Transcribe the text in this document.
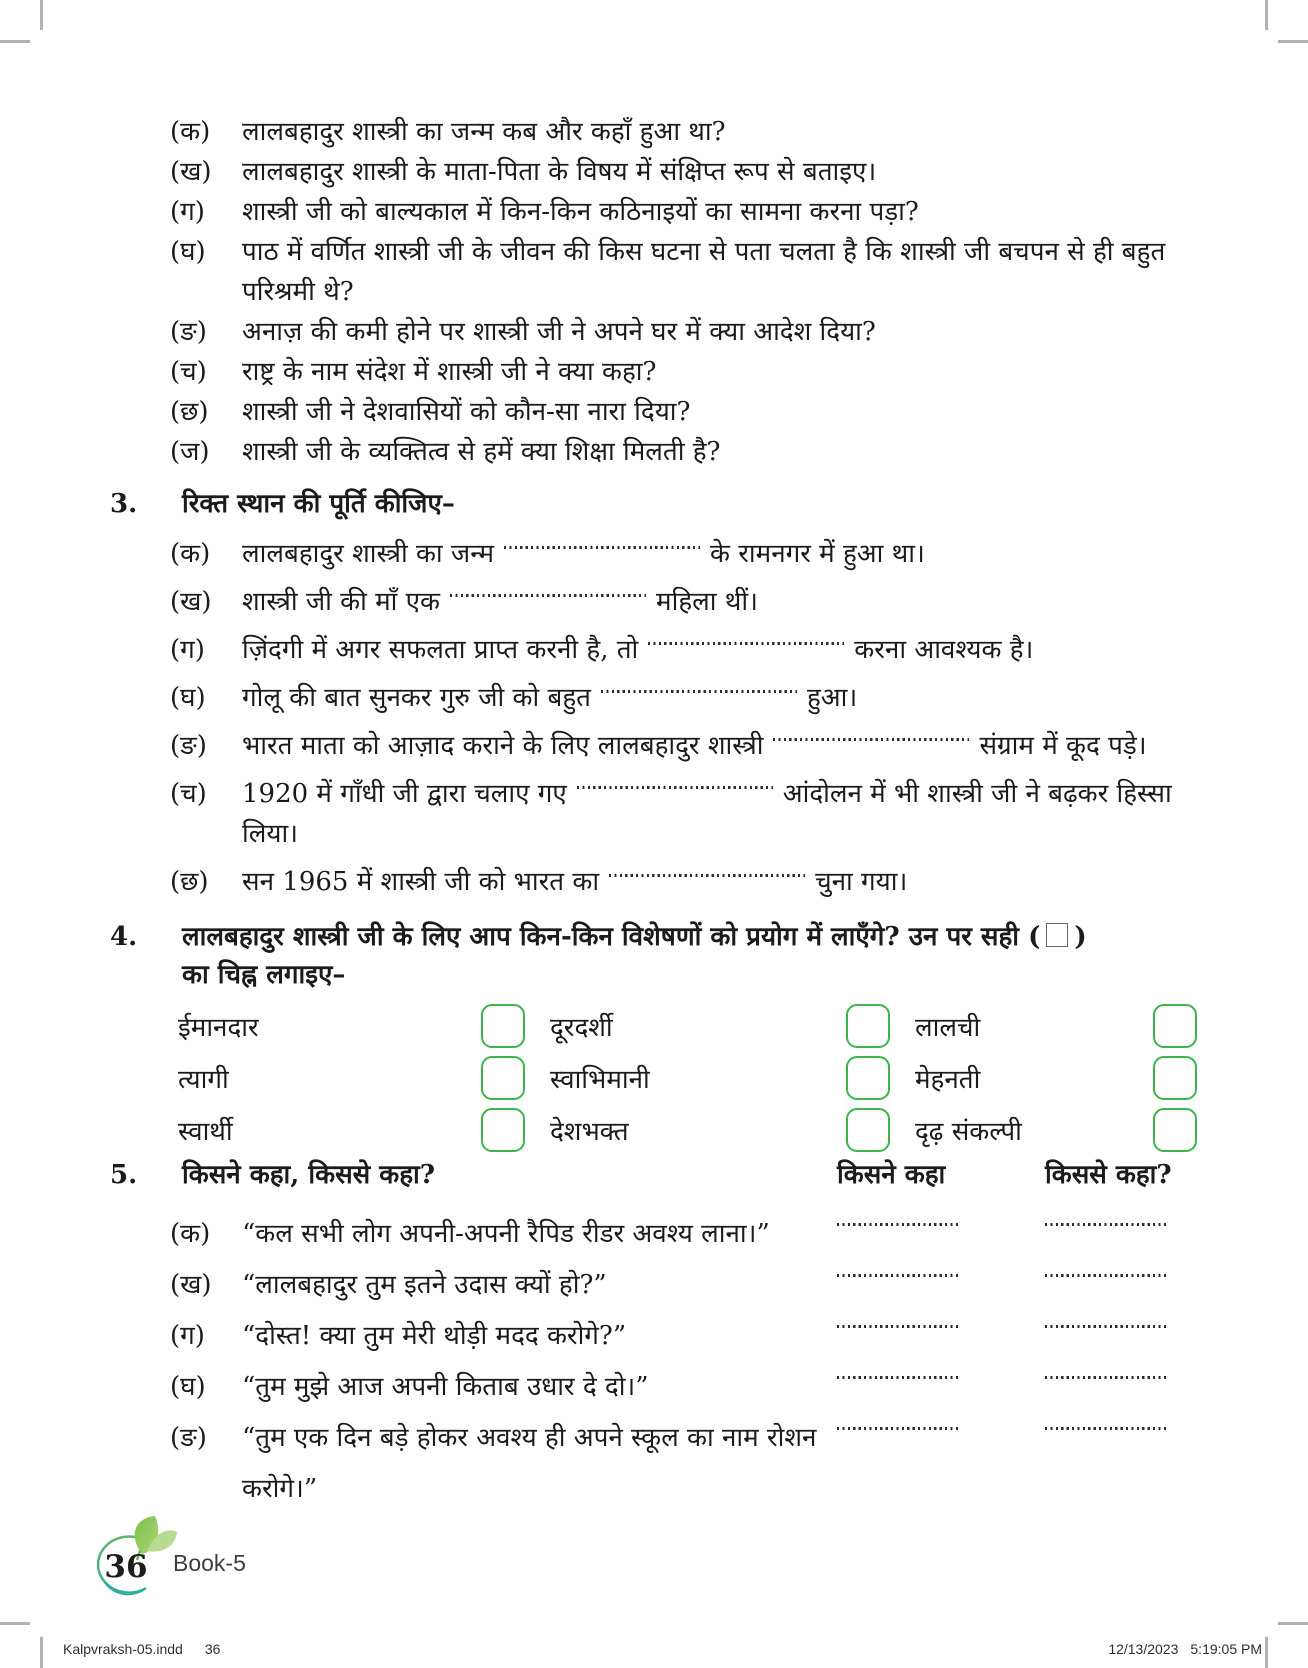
(क)	लालबहादुर शास्त्री का जन्म कब और कहाँ हुआ था?
(ख)	लालबहादुर शास्त्री के माता-पिता के विषय में संक्षिप्त रूप से बताइए।
(ग)	शास्त्री जी को बाल्यकाल में किन-किन कठिनाइयों का सामना करना पड़ा?
(घ)	पाठ में वर्णित शास्त्री जी के जीवन की किस घटना से पता चलता है कि शास्त्री जी बचपन से ही बहुत परिश्रमी थे?
(ङ)	अनाज़ की कमी होने पर शास्त्री जी ने अपने घर में क्या आदेश दिया?
(च)	राष्ट्र के नाम संदेश में शास्त्री जी ने क्या कहा?
(छ)	शास्त्री जी ने देशवासियों को कौन-सा नारा दिया?
(ज)	शास्त्री जी के व्यक्तित्व से हमें क्या शिक्षा मिलती है?
3.	रिक्त स्थान की पूर्ति कीजिए–
(क)	लालबहादुर शास्त्री का जन्म	के रामनगर में हुआ था।
(ख)	शास्त्री जी की माँ एक	महिला थीं।
(ग)	ज़िंदगी में अगर सफलता प्राप्त करनी है, तो	करना आवश्यक है।
(घ)	गोलू की बात सुनकर गुरु जी को बहुत	हुआ।
(ङ)	भारत माता को आज़ाद कराने के लिए लालबहादुर शास्त्री	संग्राम में कूद पड़े।
(च)	1920 में गाँधी जी द्वारा चलाए गए	आंदोलन में भी शास्त्री जी ने बढ़कर हिस्सा लिया।
(छ)	सन 1965 में शास्त्री जी को भारत का	चुना गया।
4.	लालबहादुर शास्त्री जी के लिए आप किन-किन विशेषणों को प्रयोग में लाएँगे? उन पर सही ( )
का चिह्न लगाइए–
ईमानदार	दूरदर्शी	लालची
त्यागी	स्वाभिमानी	मेहनती
स्वार्थी	देशभक्त	दृढ़ संकल्पी
5.	किसने कहा, किससे कहा?	किसने कहा	किससे कहा?
(क)	“कल सभी लोग अपनी-अपनी रैपिड रीडर अवश्य लाना।”
(ख)	“लालबहादुर तुम इतने उदास क्यों हो?”
(ग)	“दोस्त! क्या तुम मेरी थोड़ी मदद करोगे?”
(घ)	“तुम मुझे आज अपनी किताब उधार दे दो।”
(ङ)	“तुम एक दिन बड़े होकर अवश्य ही अपने स्कूल का नाम रोशन करोगे।”
36 Book-5
Kalpvraksh-05.indd 36	12/13/2023 5:19:05 PM
